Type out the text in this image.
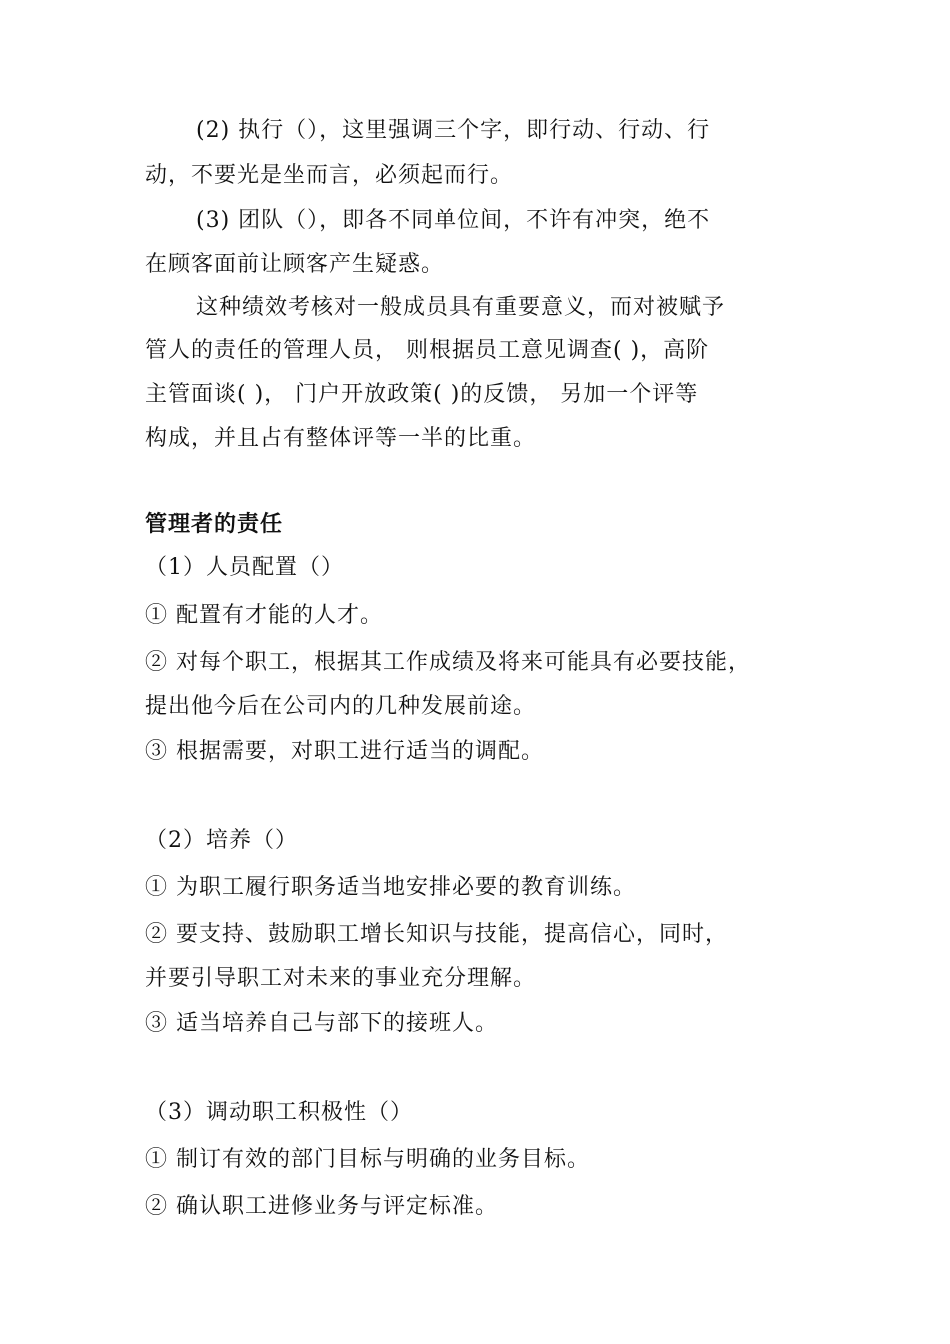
(2) 执行（），这里强调三个字，即行动、行动、行
动，不要光是坐而言，必须起而行。
(3) 团队（），即各不同单位间，不许有冲突，绝不
在顾客面前让顾客产生疑惑。
这种绩效考核对一般成员具有重要意义，而对被赋予
管人的责任的管理人员， 则根据员工意见调查( )，高阶
主管面谈( )， 门户开放政策( )的反馈， 另加一个评等
构成，并且占有整体评等一半的比重。
管理者的责任
（1）人员配置（）
① 配置有才能的人才。
② 对每个职工，根据其工作成绩及将来可能具有必要技能，
提出他今后在公司内的几种发展前途。
③ 根据需要，对职工进行适当的调配。
（2）培养（）
① 为职工履行职务适当地安排必要的教育训练。
② 要支持、鼓励职工增长知识与技能，提高信心，同时，
并要引导职工对未来的事业充分理解。
③ 适当培养自己与部下的接班人。
（3）调动职工积极性（）
① 制订有效的部门目标与明确的业务目标。
② 确认职工进修业务与评定标准。
